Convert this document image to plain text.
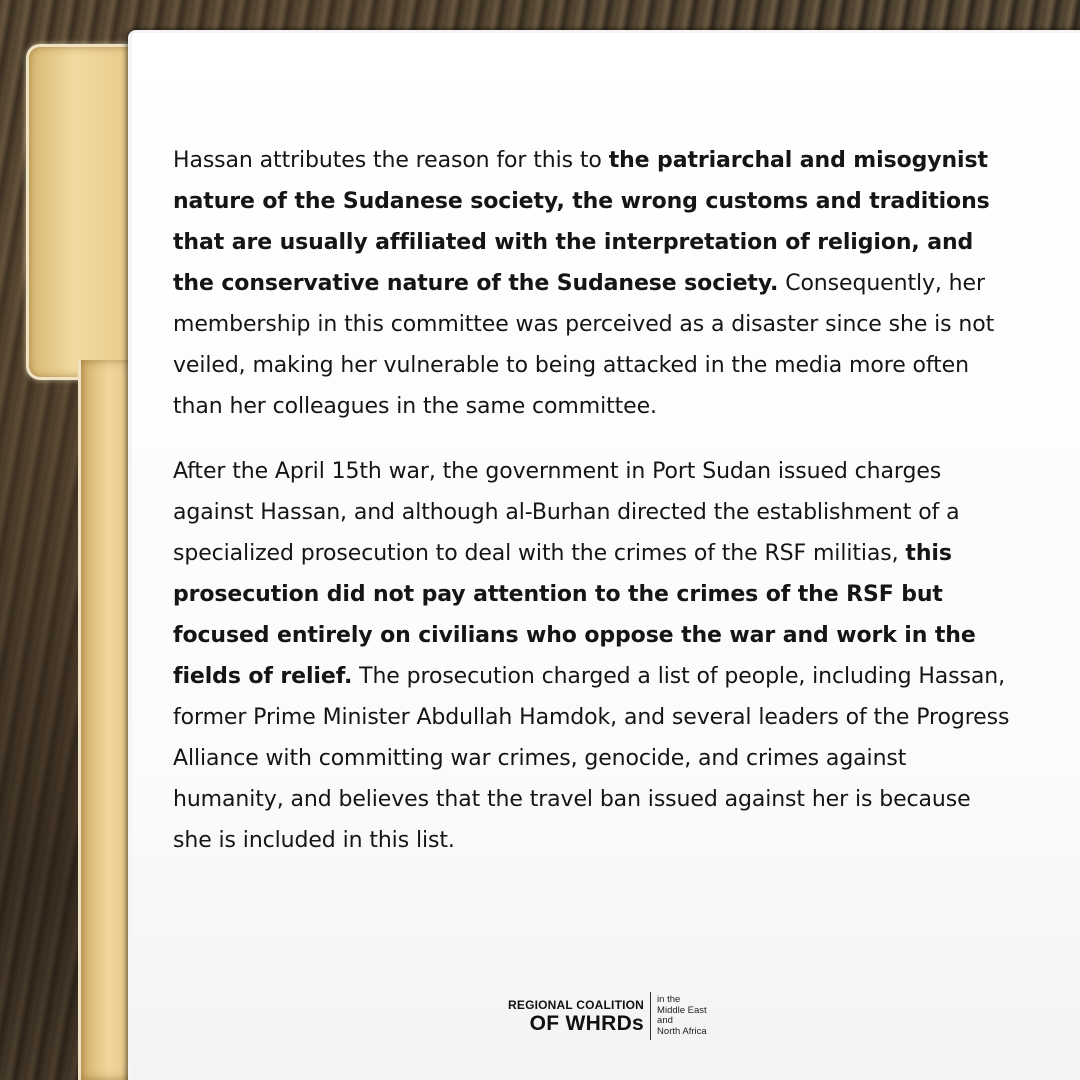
Hassan attributes the reason for this to the patriarchal and misogynist nature of the Sudanese society, the wrong customs and traditions that are usually affiliated with the interpretation of religion, and the conservative nature of the Sudanese society. Consequently, her membership in this committee was perceived as a disaster since she is not veiled, making her vulnerable to being attacked in the media more often than her colleagues in the same committee.

After the April 15th war, the government in Port Sudan issued charges against Hassan, and although al-Burhan directed the establishment of a specialized prosecution to deal with the crimes of the RSF militias, this prosecution did not pay attention to the crimes of the RSF but focused entirely on civilians who oppose the war and work in the fields of relief. The prosecution charged a list of people, including Hassan, former Prime Minister Abdullah Hamdok, and several leaders of the Progress Alliance with committing war crimes, genocide, and crimes against humanity, and believes that the travel ban issued against her is because she is included in this list.

REGIONAL COALITION
OF WHRDs
in the
Middle East
and
North Africa
